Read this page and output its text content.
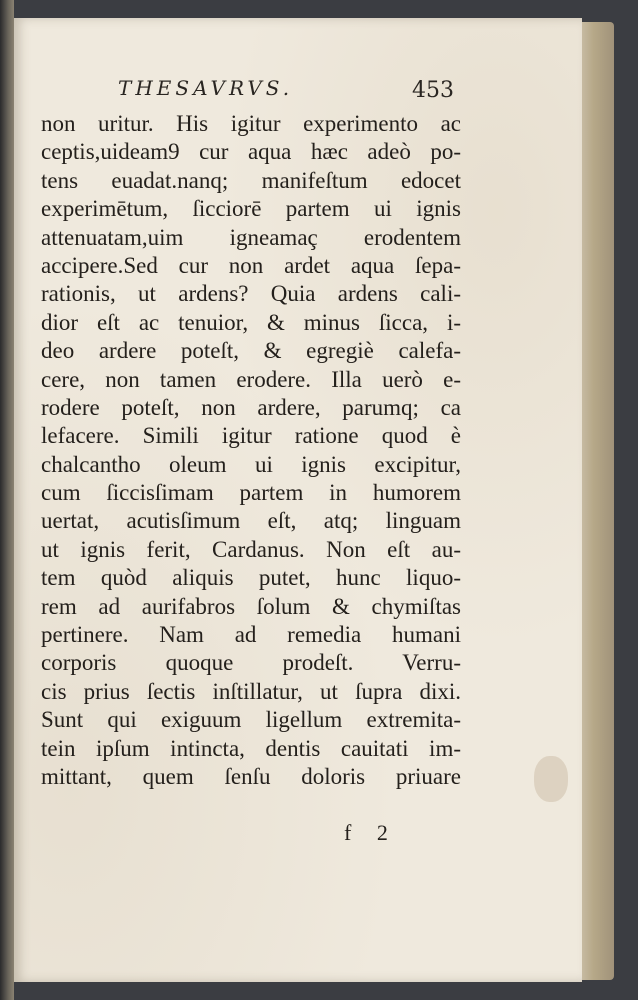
THESAVRVS.	453
non uritur. His igitur experimento ac
ceptis,uideam9 cur aqua hæc adeò po-
tens euadat.nanq; manifeſtum edocet
experimētum, ſicciorē partem ui ignis
attenuatam,uim igneamaç erodentem
accipere.Sed cur non ardet aqua ſepa-
rationis, ut ardens? Quia ardens cali-
dior eſt ac tenuior, & minus ſicca, i-
deo ardere poteſt, & egregiè calefa-
cere, non tamen erodere. Illa uerò e-
rodere poteſt, non ardere, parumq; ca
lefacere. Simili igitur ratione quod è
chalcantho oleum ui ignis excipitur,
cum ſiccisſimam partem in humorem
uertat, acutisſimum eſt, atq; linguam
ut ignis ferit, Cardanus. Non eſt au-
tem quòd aliquis putet, hunc liquo-
rem ad aurifabros ſolum & chymiſtas
pertinere. Nam ad remedia humani
corporis quoque prodeſt. Verru-
cis prius ſectis inſtillatur, ut ſupra dixi.
Sunt qui exiguum ligellum extremita-
tein ipſum intincta, dentis cauitati im-
mittant, quem ſenſu doloris priuare
f 2
